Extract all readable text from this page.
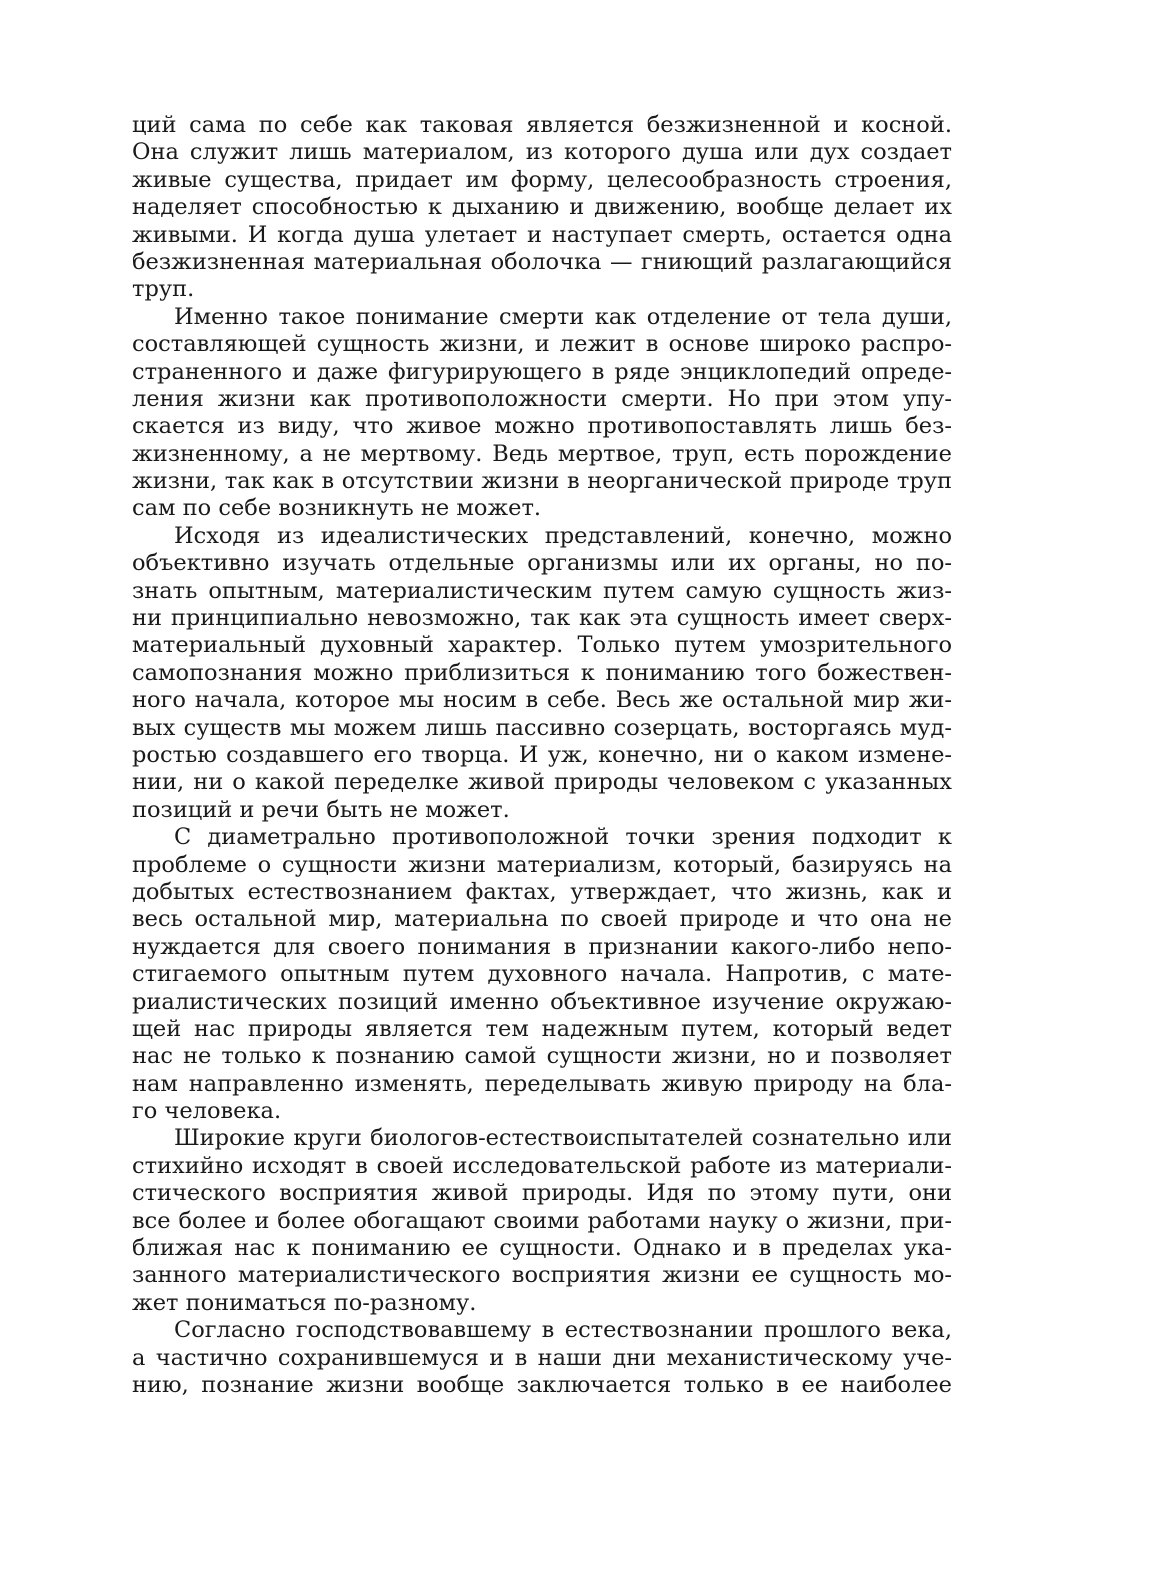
ций сама по себе как таковая является безжизненной и косной.
Она служит лишь материалом, из которого душа или дух создает
живые существа, придает им форму, целесообразность строения,
наделяет способностью к дыханию и движению, вообще делает их
живыми. И когда душа улетает и наступает смерть, остается одна
безжизненная материальная оболочка — гниющий разлагающийся
труп.
Именно такое понимание смерти как отделение от тела души,
составляющей сущность жизни, и лежит в основе широко распро-
страненного и даже фигурирующего в ряде энциклопедий опреде-
ления жизни как противоположности смерти. Но при этом упу-
скается из виду, что живое можно противопоставлять лишь без-
жизненному, а не мертвому. Ведь мертвое, труп, есть порождение
жизни, так как в отсутствии жизни в неорганической природе труп
сам по себе возникнуть не может.
Исходя из идеалистических представлений, конечно, можно
объективно изучать отдельные организмы или их органы, но по-
знать опытным, материалистическим путем самую сущность жиз-
ни принципиально невозможно, так как эта сущность имеет сверх-
материальный духовный характер. Только путем умозрительного
самопознания можно приблизиться к пониманию того божествен-
ного начала, которое мы носим в себе. Весь же остальной мир жи-
вых существ мы можем лишь пассивно созерцать, восторгаясь муд-
ростью создавшего его творца. И уж, конечно, ни о каком измене-
нии, ни о какой переделке живой природы человеком с указанных
позиций и речи быть не может.
С диаметрально противоположной точки зрения подходит к
проблеме о сущности жизни материализм, который, базируясь на
добытых естествознанием фактах, утверждает, что жизнь, как и
весь остальной мир, материальна по своей природе и что она не
нуждается для своего понимания в признании какого-либо непо-
стигаемого опытным путем духовного начала. Напротив, с мате-
риалистических позиций именно объективное изучение окружаю-
щей нас природы является тем надежным путем, который ведет
нас не только к познанию самой сущности жизни, но и позволяет
нам направленно изменять, переделывать живую природу на бла-
го человека.
Широкие круги биологов-естествоиспытателей сознательно или
стихийно исходят в своей исследовательской работе из материали-
стического восприятия живой природы. Идя по этому пути, они
все более и более обогащают своими работами науку о жизни, при-
ближая нас к пониманию ее сущности. Однако и в пределах ука-
занного материалистического восприятия жизни ее сущность мо-
жет пониматься по-разному.
Согласно господствовавшему в естествознании прошлого века,
а частично сохранившемуся и в наши дни механистическому уче-
нию, познание жизни вообще заключается только в ее наиболее
